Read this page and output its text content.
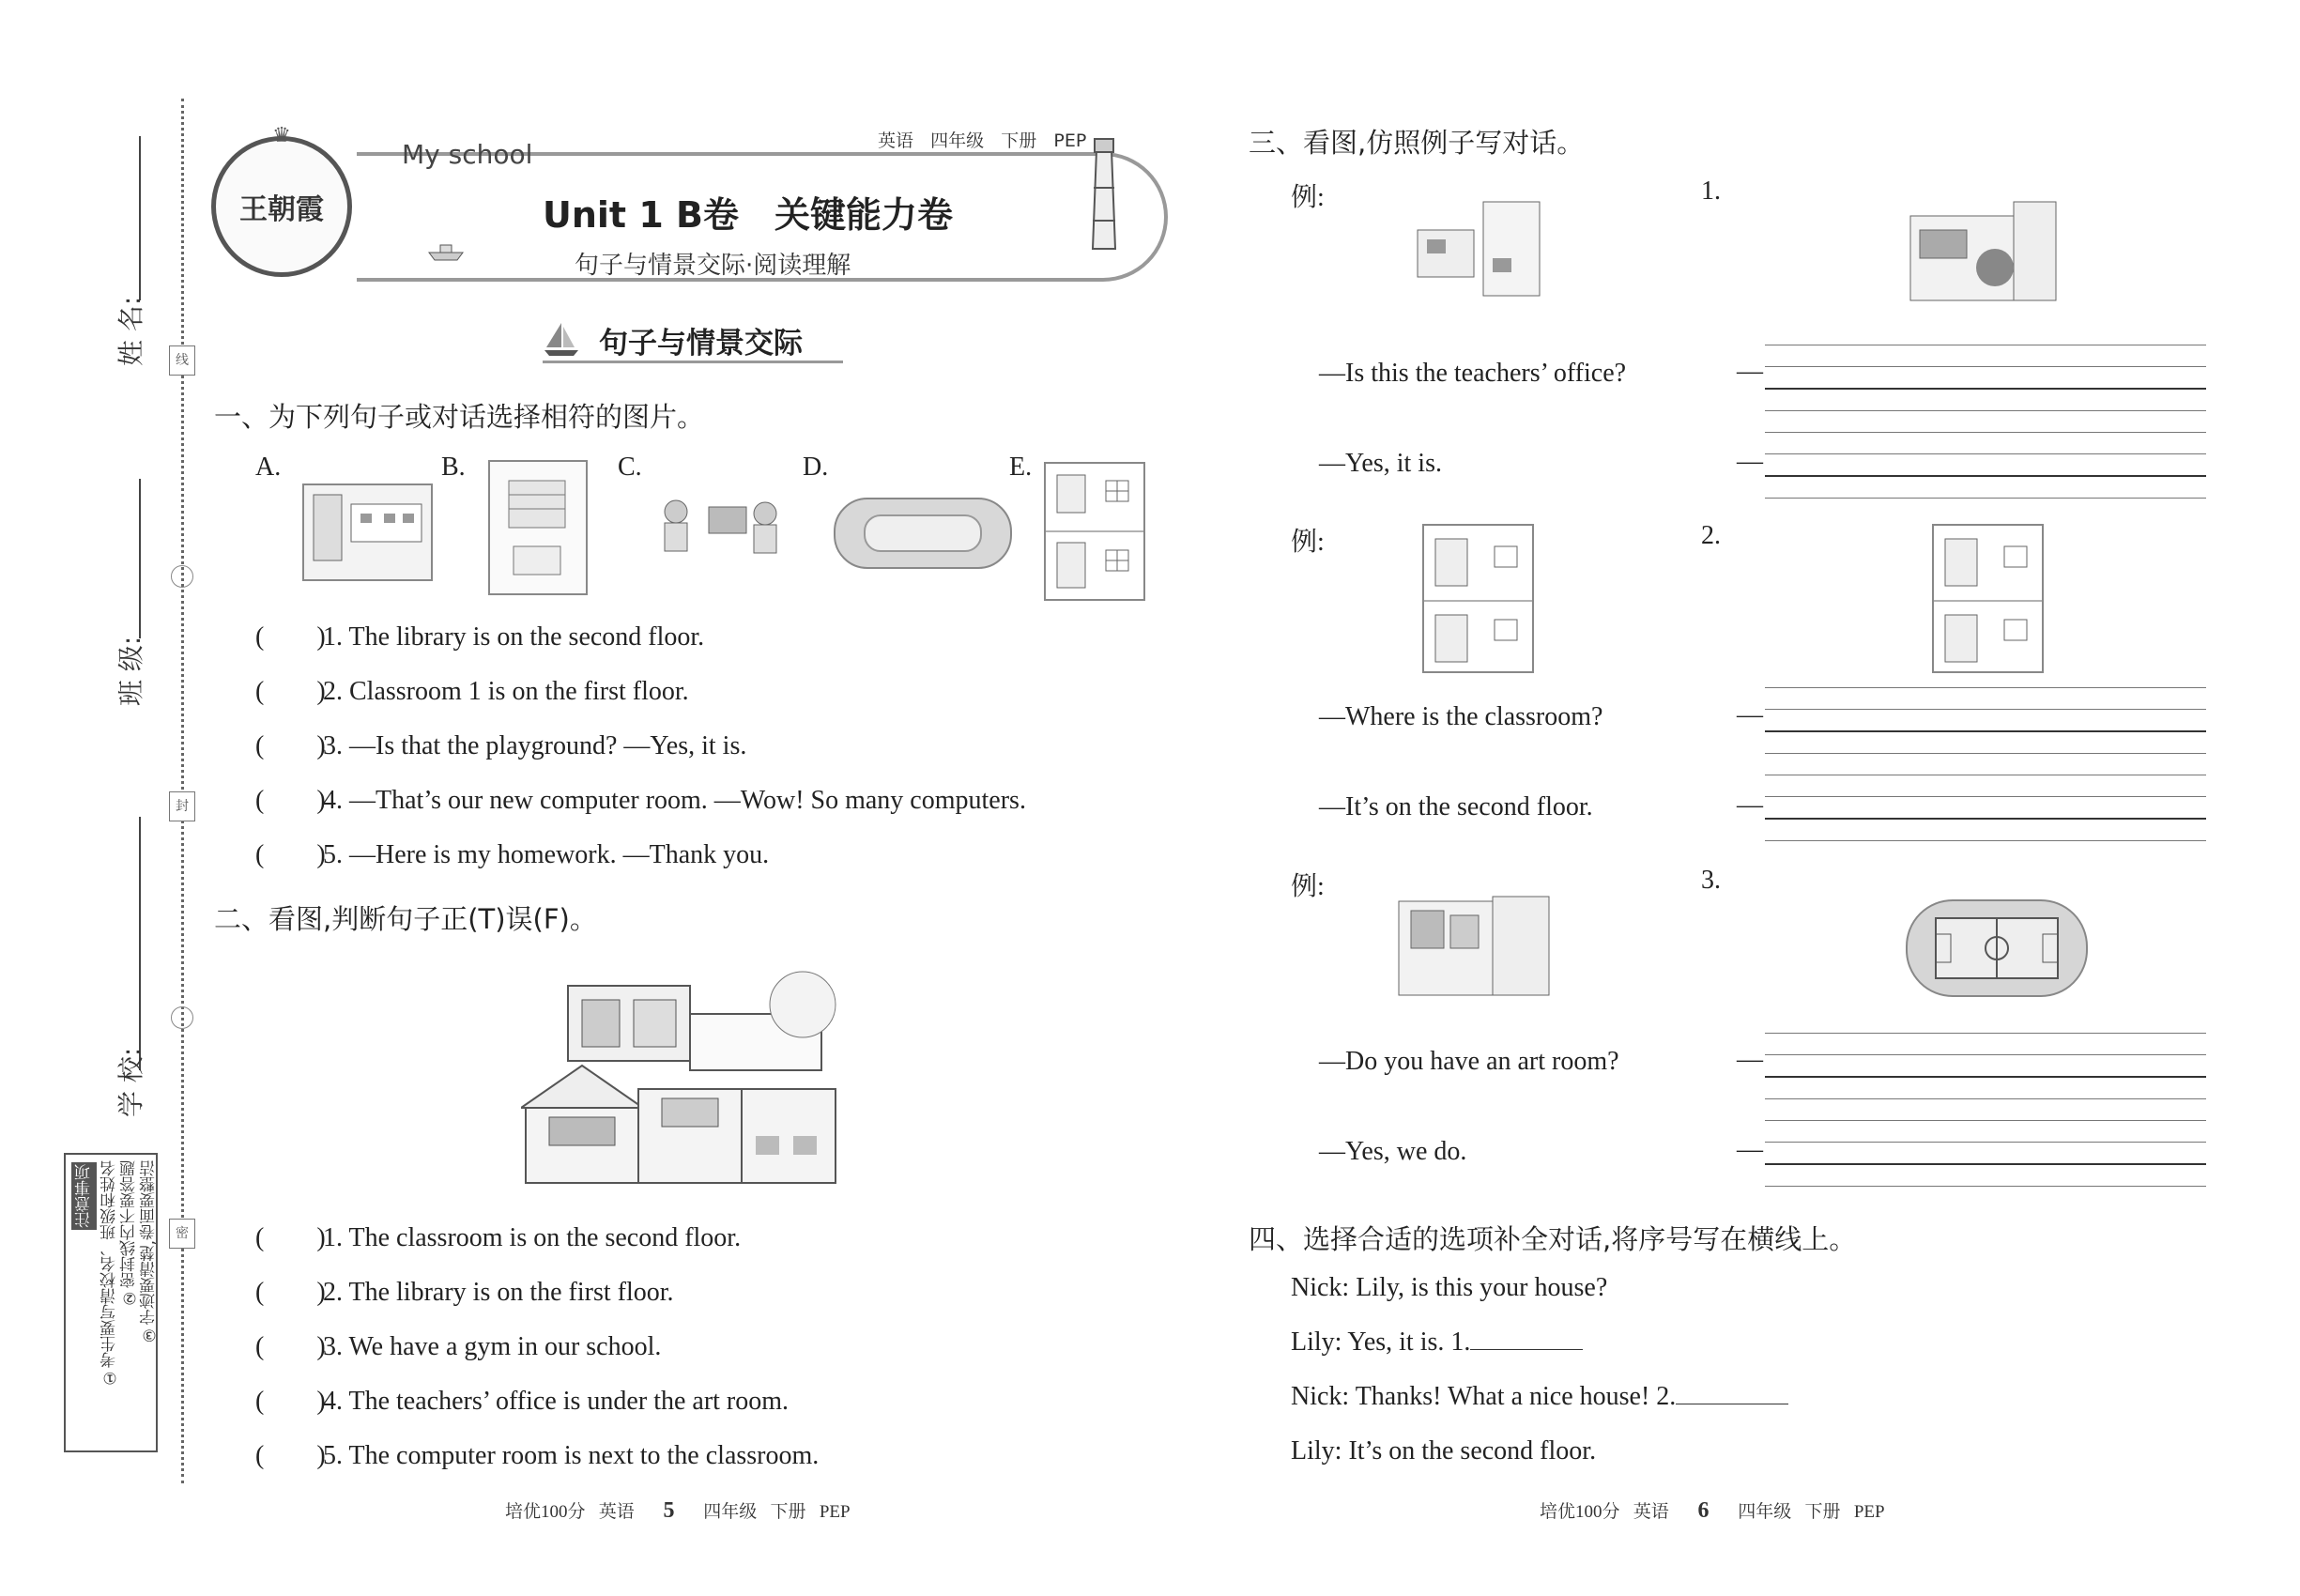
姓 名:
班 级:
学 校:
线
封
密
注意事项 ①考生要写清校名、班级和姓名 ②密封线内不要答题 ③字迹要清楚,卷面要整洁
王朝霞
♛
My school	英语 四年级 下册 PEP
Unit 1 B卷　关键能力卷
句子与情景交际·阅读理解
句子与情景交际
一、为下列句子或对话选择相符的图片。
A.	B.	C.	D.	E.
(　　)1. The library is on the second floor.
(　　)2. Classroom 1 is on the first floor.
(　　)3. —Is that the playground? —Yes, it is.
(　　)4. —That’s our new computer room. —Wow! So many computers.
(　　)5. —Here is my homework. —Thank you.
二、看图,判断句子正(T)误(F)。
(　　)1. The classroom is on the second floor.
(　　)2. The library is on the first floor.
(　　)3. We have a gym in our school.
(　　)4. The teachers’ office is under the art room.
(　　)5. The computer room is next to the classroom.
培优100分 英语 5 四年级 下册 PEP
三、看图,仿照例子写对话。
例:	1.
—Is this the teachers’ office?
—Yes, it is.
—
—
例:	2.
—Where is the classroom?
—It’s on the second floor.
—
—
例:	3.
—Do you have an art room?
—Yes, we do.
—
—
四、选择合适的选项补全对话,将序号写在横线上。
Nick: Lily, is this your house?
Lily: Yes, it is. 1.
Nick: Thanks! What a nice house! 2.
Lily: It’s on the second floor.
培优100分 英语 6 四年级 下册 PEP
